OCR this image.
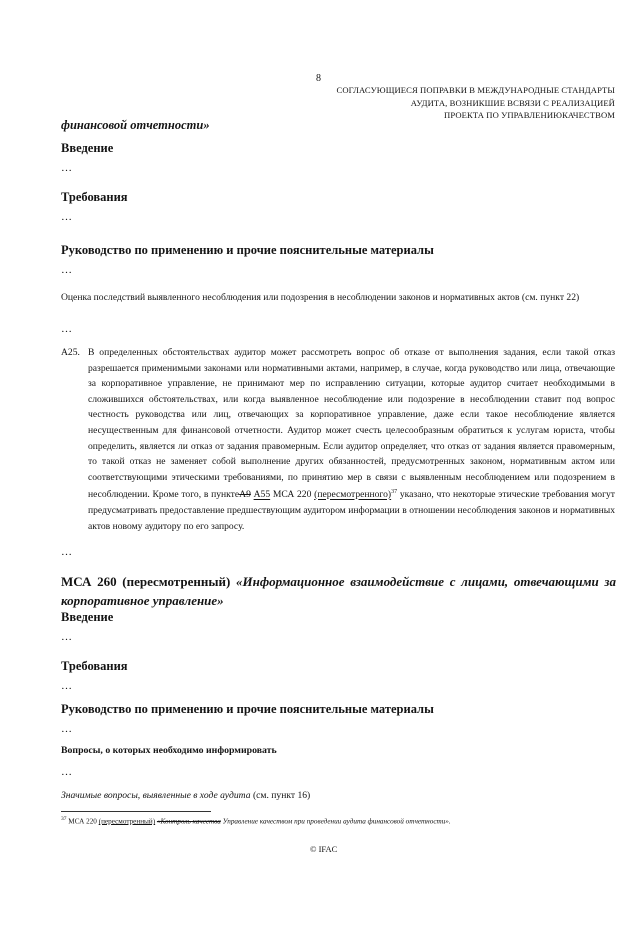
8
СОГЛАСУЮЩИЕСЯ ПОПРАВКИ В МЕЖДУНАРОДНЫЕ СТАНДАРТЫ
АУДИТА, ВОЗНИКШИЕ ВСВЯЗИ С РЕАЛИЗАЦИЕЙ
ПРОЕКТА ПО УПРАВЛЕНИЮКАЧЕСТВОМ
финансовой отчетности»
Введение
…
Требования
…
Руководство по применению и прочие пояснительные материалы
…
Оценка последствий выявленного несоблюдения или подозрения в несоблюдении законов и нормативных актов (см. пункт 22)
…
A25. В определенных обстоятельствах аудитор может рассмотреть вопрос об отказе от выполнения задания, если такой отказ разрешается применимыми законами или нормативными актами, например, в случае, когда руководство или лица, отвечающие за корпоративное управление, не принимают мер по исправлению ситуации, которые аудитор считает необходимыми в сложившихся обстоятельствах, или когда выявленное несоблюдение или подозрение в несоблюдении ставит под вопрос честность руководства или лиц, отвечающих за корпоративное управление, даже если такое несоблюдение является несущественным для финансовой отчетности. Аудитор может счесть целесообразным обратиться к услугам юриста, чтобы определить, является ли отказ от задания правомерным. Если аудитор определяет, что отказ от задания является правомерным, то такой отказ не заменяет собой выполнение других обязанностей, предусмотренных законом, нормативным актом или соответствующими этическими требованиями, по принятию мер в связи с выявленным несоблюдением или подозрением в несоблюдении. Кроме того, в пунктеА9 A55 МСА 220 (пересмотренного)$^{37}$ указано, что некоторые этические требования могут предусматривать предоставление предшествующим аудитором информации в отношении несоблюдения законов и нормативных актов новому аудитору по его запросу.
…
МСА 260 (пересмотренный) «Информационное взаимодействие с лицами, отвечающими за корпоративное управление»
Введение
…
Требования
…
Руководство по применению и прочие пояснительные материалы
…
Вопросы, о которых необходимо информировать
…
Значимые вопросы, выявленные в ходе аудита (см. пункт 16)
$^{37}$ МСА 220 (пересмотренный) «Контроль качества Управление качеством при проведении аудита финансовой отчетности».
© IFAC
